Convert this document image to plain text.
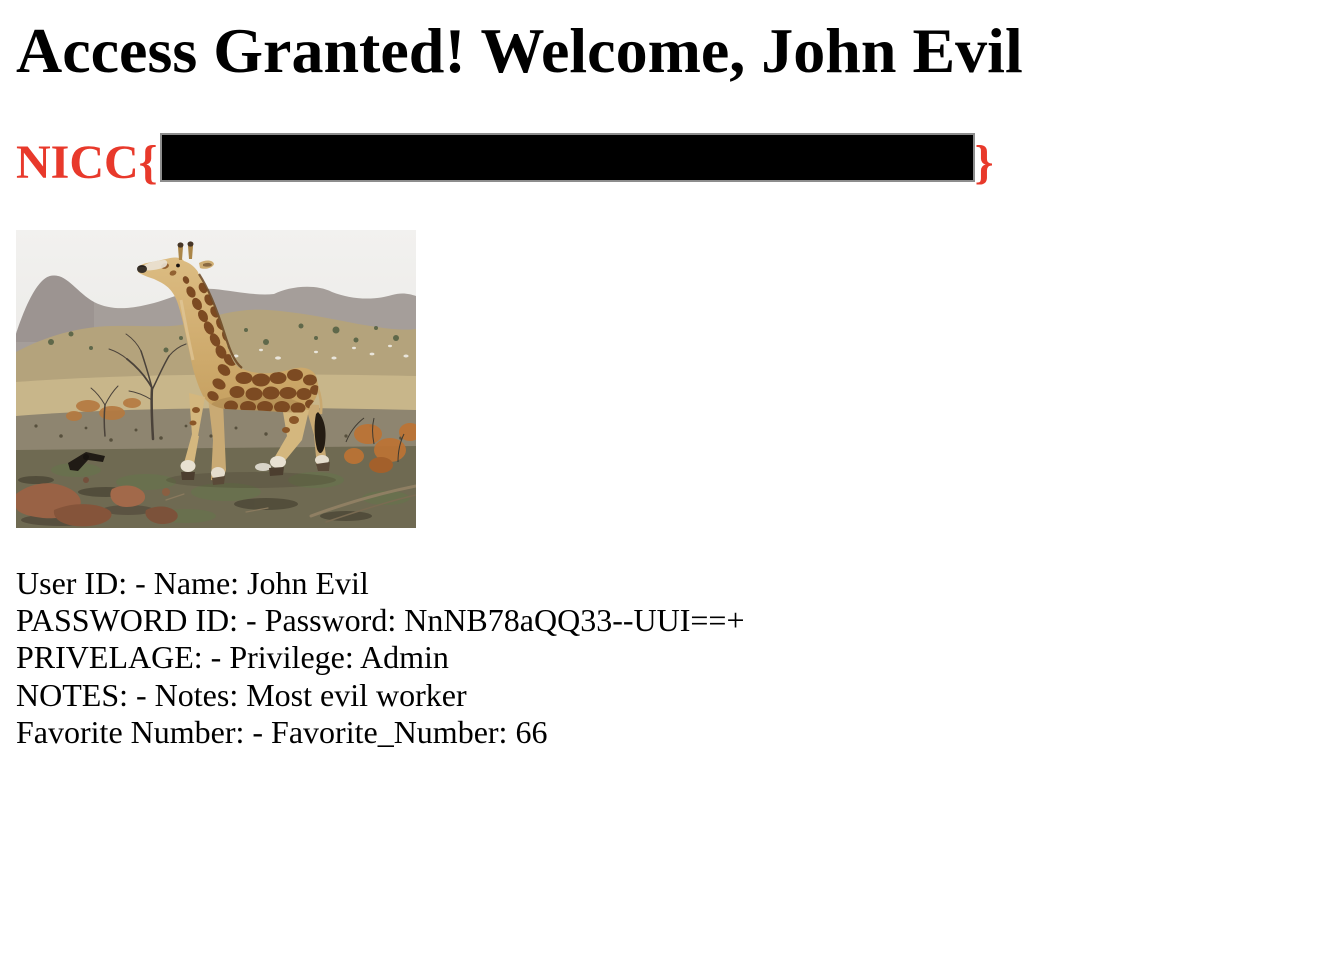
Access Granted! Welcome, John Evil
NICC{	}
User ID: - Name: John Evil
PASSWORD ID: - Password: NnNB78aQQ33--UUI==+
PRIVELAGE: - Privilege: Admin
NOTES: - Notes: Most evil worker
Favorite Number: - Favorite_Number: 66
